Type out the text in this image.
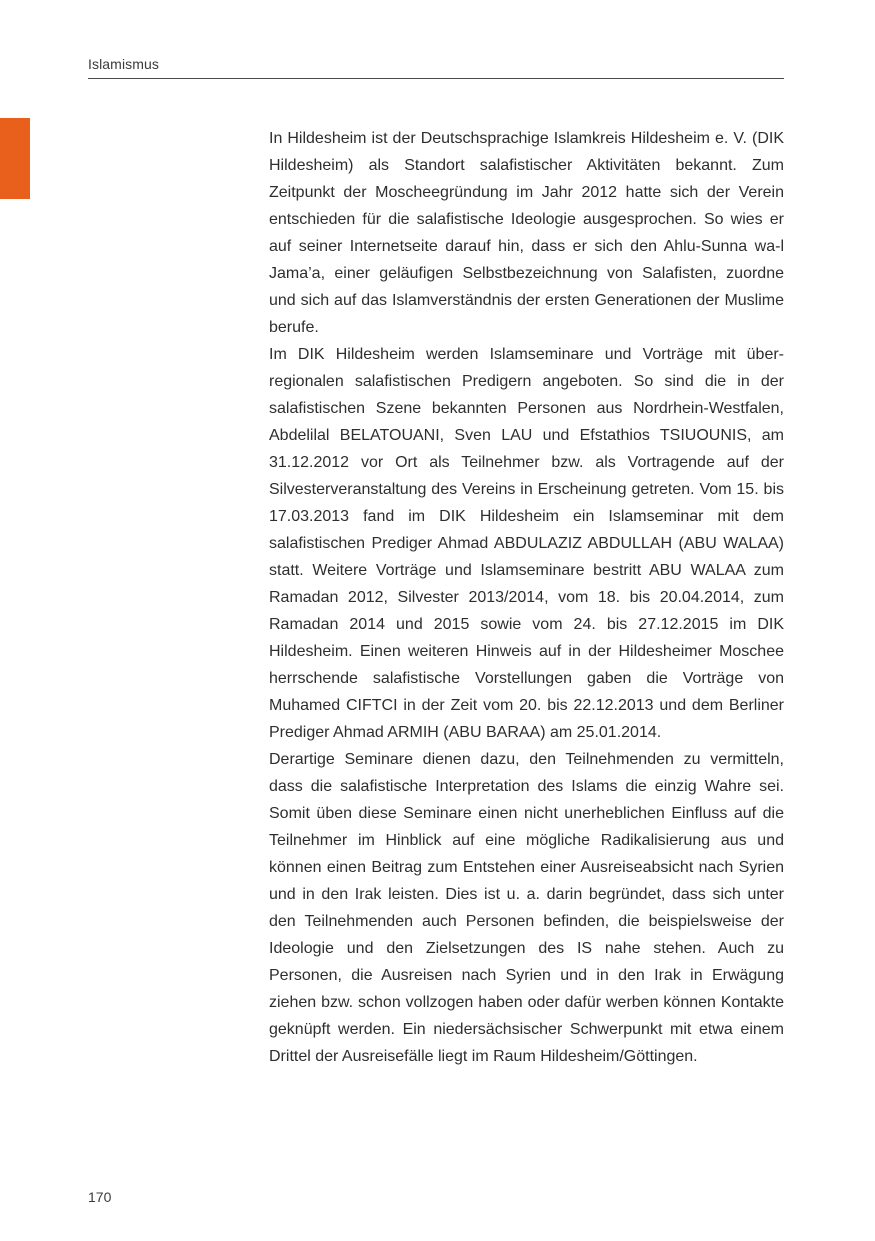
Islamismus

In Hildesheim ist der Deutschsprachige Islamkreis Hildesheim e. V. (DIK Hildesheim) als Standort salafistischer Aktivitäten bekannt. Zum Zeitpunkt der Moscheegründung im Jahr 2012 hatte sich der Verein entschieden für die salafistische Ideologie ausgesprochen. So wies er auf seiner Internetseite darauf hin, dass er sich den Ahlu-Sunna wa-l Jama’a, einer geläufigen Selbstbezeichnung von Salafisten, zuordne und sich auf das Islamverständnis der ersten Generationen der Muslime berufe.

Im DIK Hildesheim werden Islamseminare und Vorträge mit überregionalen salafistischen Predigern angeboten. So sind die in der salafistischen Szene bekannten Personen aus Nordrhein-Westfalen, Abdelilal BELATOUANI, Sven LAU und Efstathios TSIUOUNIS, am 31.12.2012 vor Ort als Teilnehmer bzw. als Vortragende auf der Silvesterveranstaltung des Vereins in Erscheinung getreten. Vom 15. bis 17.03.2013 fand im DIK Hildesheim ein Islamseminar mit dem salafistischen Prediger Ahmad ABDULAZIZ ABDULLAH (ABU WALAA) statt. Weitere Vorträge und Islamseminare bestritt ABU WALAA zum Ramadan 2012, Silvester 2013/2014, vom 18. bis 20.04.2014, zum Ramadan 2014 und 2015 sowie vom 24. bis 27.12.2015 im DIK Hildesheim. Einen weiteren Hinweis auf in der Hildesheimer Moschee herrschende salafistische Vorstellungen gaben die Vorträge von Muhamed CIFTCI in der Zeit vom 20. bis 22.12.2013 und dem Berliner Prediger Ahmad ARMIH (ABU BARAA) am 25.01.2014.

Derartige Seminare dienen dazu, den Teilnehmenden zu vermitteln, dass die salafistische Interpretation des Islams die einzig Wahre sei. Somit üben diese Seminare einen nicht unerheblichen Einfluss auf die Teilnehmer im Hinblick auf eine mögliche Radikalisierung aus und können einen Beitrag zum Entstehen einer Ausreiseabsicht nach Syrien und in den Irak leisten. Dies ist u. a. darin begründet, dass sich unter den Teilnehmenden auch Personen befinden, die beispielsweise der Ideologie und den Zielsetzungen des IS nahe stehen. Auch zu Personen, die Ausreisen nach Syrien und in den Irak in Erwägung ziehen bzw. schon vollzogen haben oder dafür werben können Kontakte geknüpft werden. Ein niedersächsischer Schwerpunkt mit etwa einem Drittel der Ausreisefälle liegt im Raum Hildesheim/Göttingen.

170
